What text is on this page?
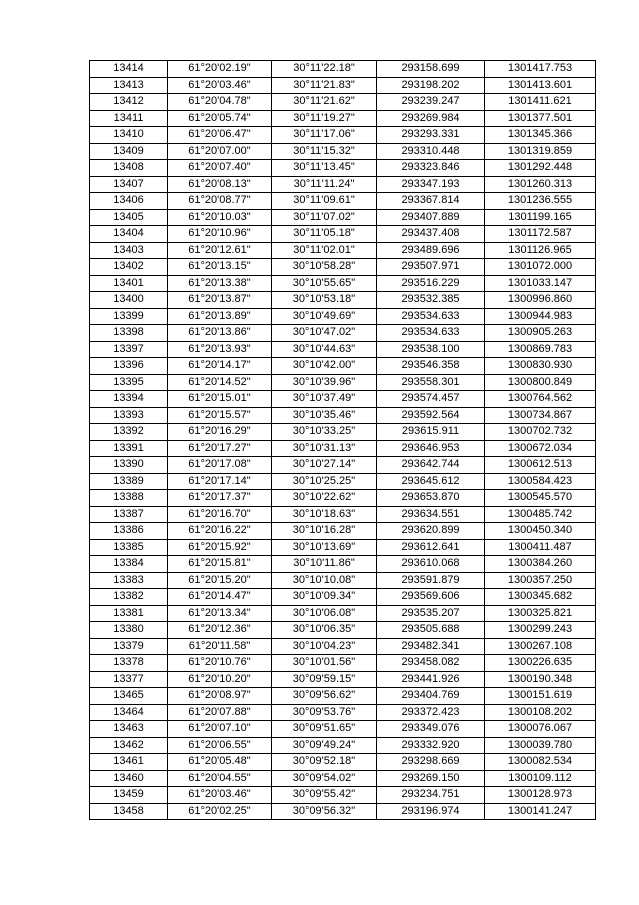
13414	61°20'02.19"	30°11'22.18"	293158.699	1301417.753
13413	61°20'03.46"	30°11'21.83"	293198.202	1301413.601
13412	61°20'04.78"	30°11'21.62"	293239.247	1301411.621
13411	61°20'05.74"	30°11'19.27"	293269.984	1301377.501
13410	61°20'06.47"	30°11'17.06"	293293.331	1301345.366
13409	61°20'07.00"	30°11'15.32"	293310.448	1301319.859
13408	61°20'07.40"	30°11'13.45"	293323.846	1301292.448
13407	61°20'08.13"	30°11'11.24"	293347.193	1301260.313
13406	61°20'08.77"	30°11'09.61"	293367.814	1301236.555
13405	61°20'10.03"	30°11'07.02"	293407.889	1301199.165
13404	61°20'10.96"	30°11'05.18"	293437.408	1301172.587
13403	61°20'12.61"	30°11'02.01"	293489.696	1301126.965
13402	61°20'13.15"	30°10'58.28"	293507.971	1301072.000
13401	61°20'13.38"	30°10'55.65"	293516.229	1301033.147
13400	61°20'13.87"	30°10'53.18"	293532.385	1300996.860
13399	61°20'13.89"	30°10'49.69"	293534.633	1300944.983
13398	61°20'13.86"	30°10'47.02"	293534.633	1300905.263
13397	61°20'13.93"	30°10'44.63"	293538.100	1300869.783
13396	61°20'14.17"	30°10'42.00"	293546.358	1300830.930
13395	61°20'14.52"	30°10'39.96"	293558.301	1300800.849
13394	61°20'15.01"	30°10'37.49"	293574.457	1300764.562
13393	61°20'15.57"	30°10'35.46"	293592.564	1300734.867
13392	61°20'16.29"	30°10'33.25"	293615.911	1300702.732
13391	61°20'17.27"	30°10'31.13"	293646.953	1300672.034
13390	61°20'17.08"	30°10'27.14"	293642.744	1300612.513
13389	61°20'17.14"	30°10'25.25"	293645.612	1300584.423
13388	61°20'17.37"	30°10'22.62"	293653.870	1300545.570
13387	61°20'16.70"	30°10'18.63"	293634.551	1300485.742
13386	61°20'16.22"	30°10'16.28"	293620.899	1300450.340
13385	61°20'15.92"	30°10'13.69"	293612.641	1300411.487
13384	61°20'15.81"	30°10'11.86"	293610.068	1300384.260
13383	61°20'15.20"	30°10'10.08"	293591.879	1300357.250
13382	61°20'14.47"	30°10'09.34"	293569.606	1300345.682
13381	61°20'13.34"	30°10'06.08"	293535.207	1300325.821
13380	61°20'12.36"	30°10'06.35"	293505.688	1300299.243
13379	61°20'11.58"	30°10'04.23"	293482.341	1300267.108
13378	61°20'10.76"	30°10'01.56"	293458.082	1300226.635
13377	61°20'10.20"	30°09'59.15"	293441.926	1300190.348
13465	61°20'08.97"	30°09'56.62"	293404.769	1300151.619
13464	61°20'07.88"	30°09'53.76"	293372.423	1300108.202
13463	61°20'07.10"	30°09'51.65"	293349.076	1300076.067
13462	61°20'06.55"	30°09'49.24"	293332.920	1300039.780
13461	61°20'05.48"	30°09'52.18"	293298.669	1300082.534
13460	61°20'04.55"	30°09'54.02"	293269.150	1300109.112
13459	61°20'03.46"	30°09'55.42"	293234.751	1300128.973
13458	61°20'02.25"	30°09'56.32"	293196.974	1300141.247
